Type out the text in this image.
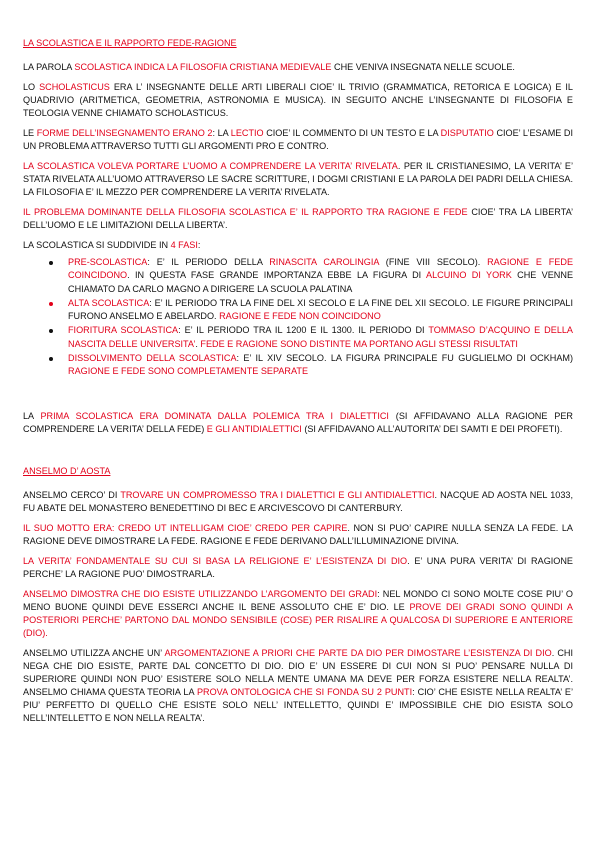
LA SCOLASTICA E IL RAPPORTO FEDE-RAGIONE

LA PAROLA SCOLASTICA INDICA LA FILOSOFIA CRISTIANA MEDIEVALE CHE VENIVA INSEGNATA NELLE SCUOLE.

LO SCHOLASTICUS ERA L’ INSEGNANTE DELLE ARTI LIBERALI CIOE’ IL TRIVIO (GRAMMATICA, RETORICA E LOGICA) E IL QUADRIVIO (ARITMETICA, GEOMETRIA, ASTRONOMIA E MUSICA). IN SEGUITO ANCHE L’INSEGNANTE DI FILOSOFIA E TEOLOGIA VENNE CHIAMATO SCHOLASTICUS.

LE FORME DELL’INSEGNAMENTO ERANO 2: LA LECTIO CIOE’ IL COMMENTO DI UN TESTO E LA DISPUTATIO CIOE’ L’ESAME DI UN PROBLEMA ATTRAVERSO TUTTI GLI ARGOMENTI PRO E CONTRO.

LA SCOLASTICA VOLEVA PORTARE L’UOMO A COMPRENDERE LA VERITA’ RIVELATA. PER IL CRISTIANESIMO, LA VERITA’ E’ STATA RIVELATA ALL’UOMO ATTRAVERSO LE SACRE SCRITTURE, I DOGMI CRISTIANI E LA PAROLA DEI PADRI DELLA CHIESA. LA FILOSOFIA E’ IL MEZZO PER COMPRENDERE LA VERITA’ RIVELATA.

IL PROBLEMA DOMINANTE DELLA FILOSOFIA SCOLASTICA E’ IL RAPPORTO TRA RAGIONE E FEDE CIOE’ TRA LA LIBERTA’ DELL’UOMO E LE LIMITAZIONI DELLA LIBERTA’.

LA SCOLASTICA SI SUDDIVIDE IN 4 FASI:

PRE-SCOLASTICA: E’ IL PERIODO DELLA RINASCITA CAROLINGIA (FINE VIII SECOLO). RAGIONE E FEDE COINCIDONO. IN QUESTA FASE GRANDE IMPORTANZA EBBE LA FIGURA DI ALCUINO DI YORK CHE VENNE CHIAMATO DA CARLO MAGNO A DIRIGERE LA SCUOLA PALATINA
ALTA SCOLASTICA: E’ IL PERIODO TRA LA FINE DEL XI SECOLO E LA FINE DEL XII SECOLO. LE FIGURE PRINCIPALI FURONO ANSELMO E ABELARDO. RAGIONE E FEDE NON COINCIDONO
FIORITURA SCOLASTICA: E’ IL PERIODO TRA IL 1200 E IL 1300. IL PERIODO DI TOMMASO D’ACQUINO E DELLA NASCITA DELLE UNIVERSITA’. FEDE E RAGIONE SONO DISTINTE MA PORTANO AGLI STESSI RISULTATI
DISSOLVIMENTO DELLA SCOLASTICA: E’ IL XIV SECOLO. LA FIGURA PRINCIPALE FU GUGLIELMO DI OCKHAM) RAGIONE E FEDE SONO COMPLETAMENTE SEPARATE

LA PRIMA SCOLASTICA ERA DOMINATA DALLA POLEMICA TRA I DIALETTICI (SI AFFIDAVANO ALLA RAGIONE PER COMPRENDERE LA VERITA’ DELLA FEDE) E GLI ANTIDIALETTICI (SI AFFIDAVANO ALL’AUTORITA’ DEI SAMTI E DEI PROFETI).

ANSELMO D’ AOSTA

ANSELMO CERCO’ DI TROVARE UN COMPROMESSO TRA I DIALETTICI E GLI ANTIDIALETTICI. NACQUE AD AOSTA NEL 1033, FU ABATE DEL MONASTERO BENEDETTINO DI BEC E ARCIVESCOVO DI CANTERBURY.

IL SUO MOTTO ERA: CREDO UT INTELLIGAM CIOE’ CREDO PER CAPIRE. NON SI PUO’ CAPIRE NULLA SENZA LA FEDE. LA RAGIONE DEVE DIMOSTRARE LA FEDE. RAGIONE E FEDE DERIVANO DALL’ILLUMINAZIONE DIVINA.

LA VERITA’ FONDAMENTALE SU CUI SI BASA LA RELIGIONE E’ L’ESISTENZA DI DIO. E’ UNA PURA VERITA’ DI RAGIONE PERCHE’ LA RAGIONE PUO’ DIMOSTRARLA.

ANSELMO DIMOSTRA CHE DIO ESISTE UTILIZZANDO L’ARGOMENTO DEI GRADI: NEL MONDO CI SONO MOLTE COSE PIU’ O MENO BUONE QUINDI DEVE ESSERCI ANCHE IL BENE ASSOLUTO CHE E’ DIO. LE PROVE DEI GRADI SONO QUINDI A POSTERIORI PERCHE’ PARTONO DAL MONDO SENSIBILE (COSE) PER RISALIRE A QUALCOSA DI SUPERIORE E ANTERIORE (DIO).

ANSELMO UTILIZZA ANCHE UN’ ARGOMENTAZIONE A PRIORI CHE PARTE DA DIO PER DIMOSTARE L’ESISTENZA DI DIO. CHI NEGA CHE DIO ESISTE, PARTE DAL CONCETTO DI DIO. DIO E’ UN ESSERE DI CUI NON SI PUO’ PENSARE NULLA DI SUPERIORE QUINDI NON PUO’ ESISTERE SOLO NELLA MENTE UMANA MA DEVE PER FORZA ESISTERE NELLA REALTA’. ANSELMO CHIAMA QUESTA TEORIA LA PROVA ONTOLOGICA CHE SI FONDA SU 2 PUNTI: CIO’ CHE ESISTE NELLA REALTA’ E’ PIU’ PERFETTO DI QUELLO CHE ESISTE SOLO NELL’ INTELLETTO, QUINDI E’ IMPOSSIBILE CHE DIO ESISTA SOLO NELL’INTELLETTO E NON NELLA REALTA’.
